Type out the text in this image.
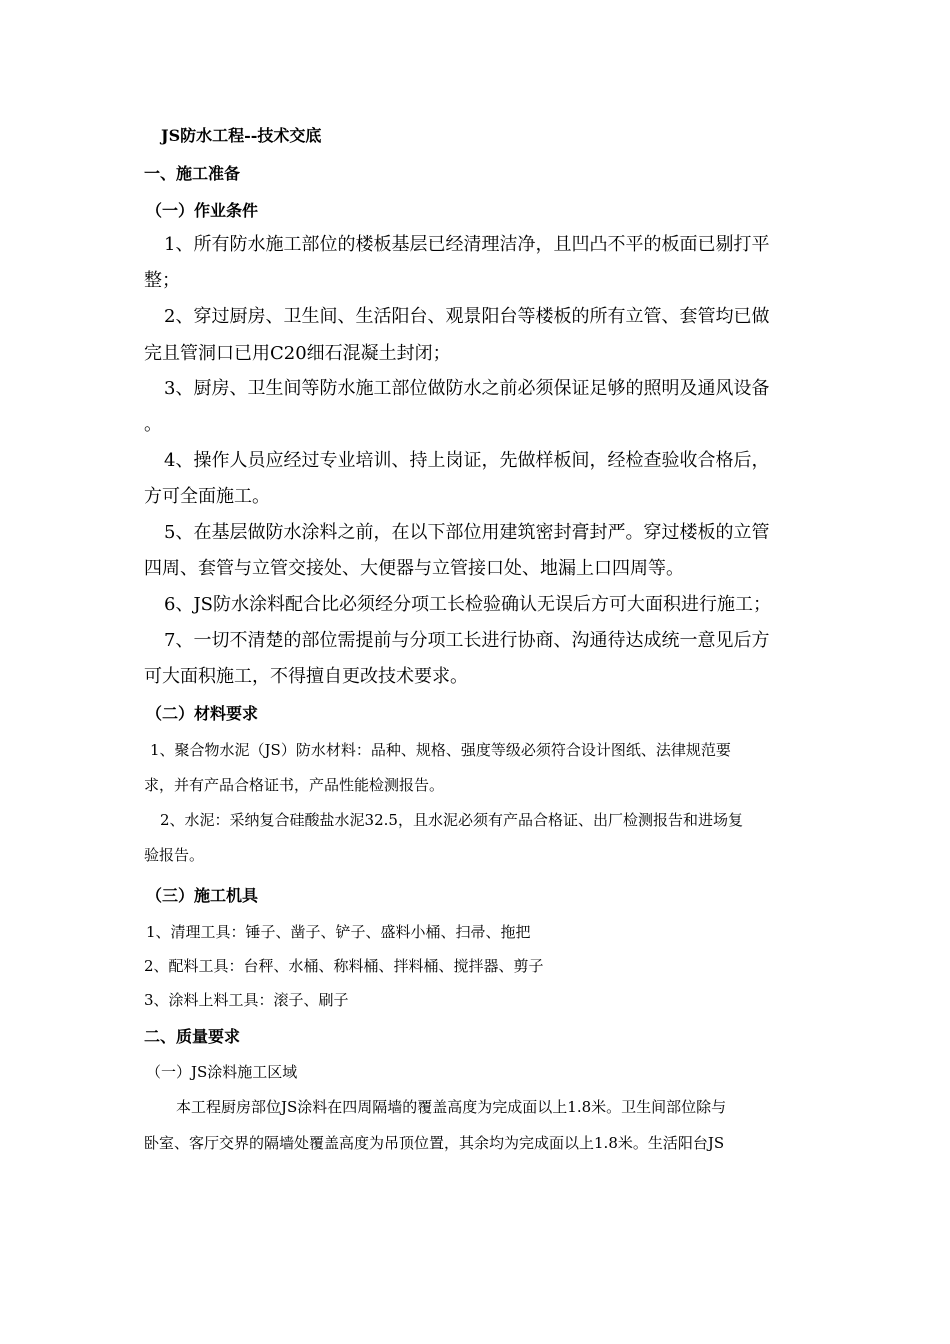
JS防水工程--技术交底
一、施工准备
（一）作业条件
1、所有防水施工部位的楼板基层已经清理洁净，且凹凸不平的板面已剔打平
整；
2、穿过厨房、卫生间、生活阳台、观景阳台等楼板的所有立管、套管均已做
完且管洞口已用C20细石混凝土封闭；
3、厨房、卫生间等防水施工部位做防水之前必须保证足够的照明及通风设备
。
4、操作人员应经过专业培训、持上岗证，先做样板间，经检查验收合格后，
方可全面施工。
5、在基层做防水涂料之前，在以下部位用建筑密封膏封严。穿过楼板的立管
四周、套管与立管交接处、大便器与立管接口处、地漏上口四周等。
6、JS防水涂料配合比必须经分项工长检验确认无误后方可大面积进行施工；
7、一切不清楚的部位需提前与分项工长进行协商、沟通待达成统一意见后方
可大面积施工，不得擅自更改技术要求。
（二）材料要求
1、聚合物水泥（JS）防水材料：品种、规格、强度等级必须符合设计图纸、法律规范要
求，并有产品合格证书，产品性能检测报告。
2、水泥：采纳复合硅酸盐水泥32.5，且水泥必须有产品合格证、出厂检测报告和进场复
验报告。
（三）施工机具
1、清理工具：锤子、凿子、铲子、盛料小桶、扫帚、拖把
2、配料工具：台秤、水桶、称料桶、拌料桶、搅拌器、剪子
3、涂料上料工具：滚子、刷子
二、质量要求
（一）JS涂料施工区域
本工程厨房部位JS涂料在四周隔墙的覆盖高度为完成面以上1.8米。卫生间部位除与
卧室、客厅交界的隔墙处覆盖高度为吊顶位置，其余均为完成面以上1.8米。生活阳台JS
